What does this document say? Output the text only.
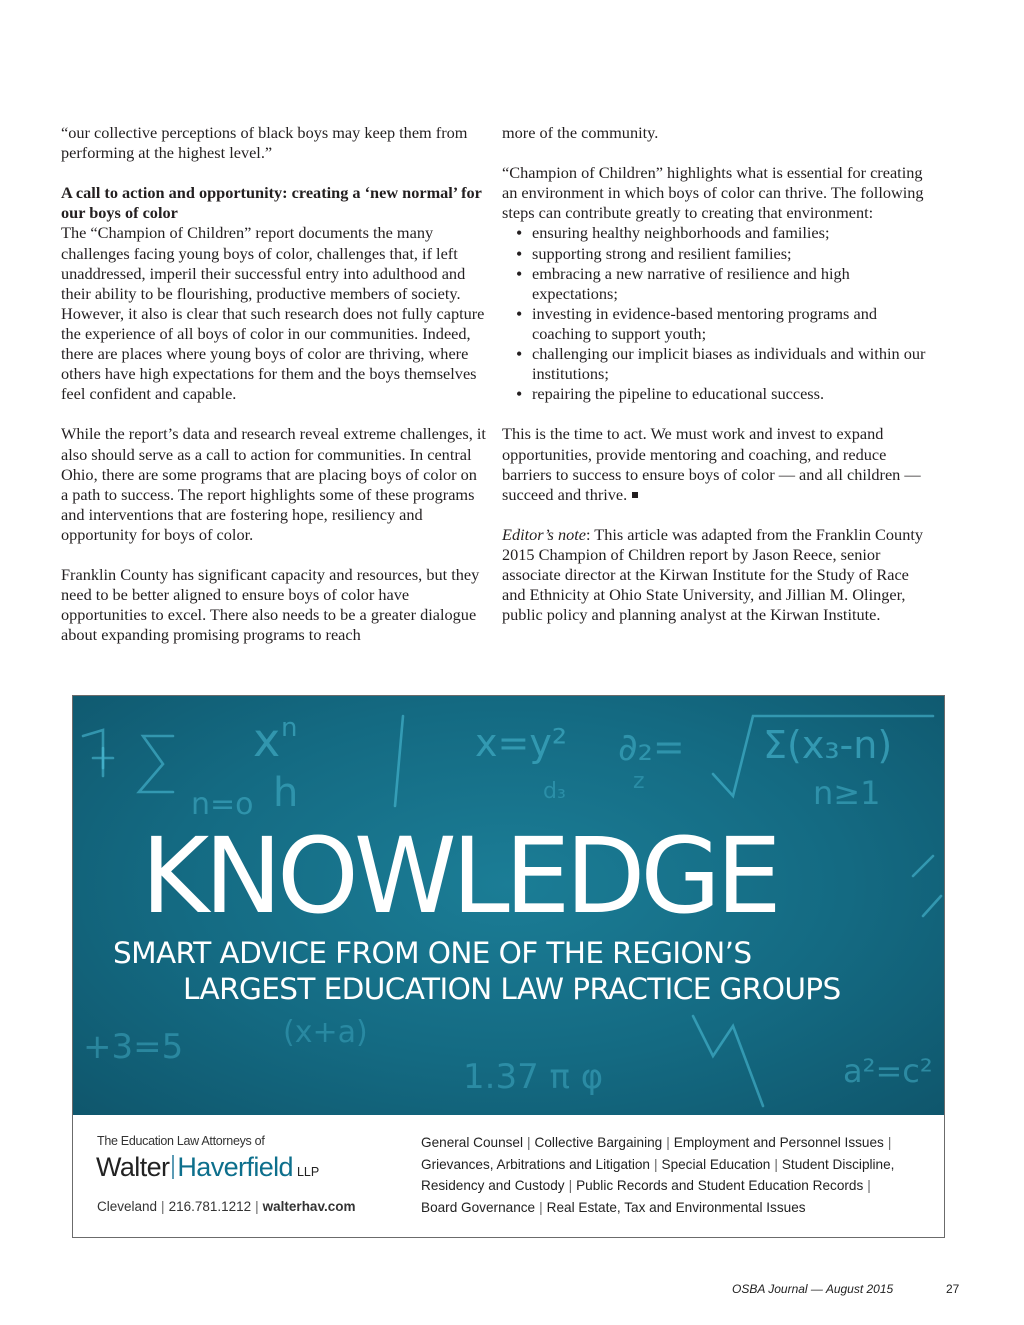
“our collective perceptions of black boys may keep them from performing at the highest level.”

A call to action and opportunity: creating a ‘new normal’ for our boys of color

The “Champion of Children” report documents the many challenges facing young boys of color, challenges that, if left unaddressed, imperil their successful entry into adulthood and their ability to be flourishing, productive members of society. However, it also is clear that such research does not fully capture the experience of all boys of color in our communities. Indeed, there are places where young boys of color are thriving, where others have high expectations for them and the boys themselves feel confident and capable.

While the report’s data and research reveal extreme challenges, it also should serve as a call to action for communities. In central Ohio, there are some programs that are placing boys of color on a path to success. The report highlights some of these programs and interventions that are fostering hope, resiliency and opportunity for boys of color.

Franklin County has significant capacity and resources, but they need to be better aligned to ensure boys of color have opportunities to excel. There also needs to be a greater dialogue about expanding promising programs to reach

more of the community.

“Champion of Children” highlights what is essential for creating an environment in which boys of color can thrive. The following steps can contribute greatly to creating that environment:

• ensuring healthy neighborhoods and families;
• supporting strong and resilient families;
• embracing a new narrative of resilience and high expectations;
• investing in evidence-based mentoring programs and coaching to support youth;
• challenging our implicit biases as individuals and within our institutions;
• repairing the pipeline to educational success.

This is the time to act. We must work and invest to expand opportunities, provide mentoring and coaching, and reduce barriers to success to ensure boys of color — and all children — succeed and thrive.

Editor’s note: This article was adapted from the Franklin County 2015 Champion of Children report by Jason Reece, senior associate director at the Kirwan Institute for the Study of Race and Ethnicity at Ohio State University, and Jillian M. Olinger, public policy and planning analyst at the Kirwan Institute.

x n
n=o h
x=y² ∂₂= Σ(x₃-n)
n≥1
d₃	z
+3=5	(x+a)
1.37 π φ	a²=c²
KNOWLEDGE
SMART ADVICE FROM ONE OF THE REGION’S
LARGEST EDUCATION LAW PRACTICE GROUPS
The Education Law Attorneys of
Walter Haverfield LLP
Cleveland | 216.781.1212 | walterhav.com
General Counsel | Collective Bargaining | Employment and Personnel Issues |
Grievances, Arbitrations and Litigation | Special Education | Student Discipline,
Residency and Custody | Public Records and Student Education Records |
Board Governance | Real Estate, Tax and Environmental Issues
OSBA Journal — August 2015	27
